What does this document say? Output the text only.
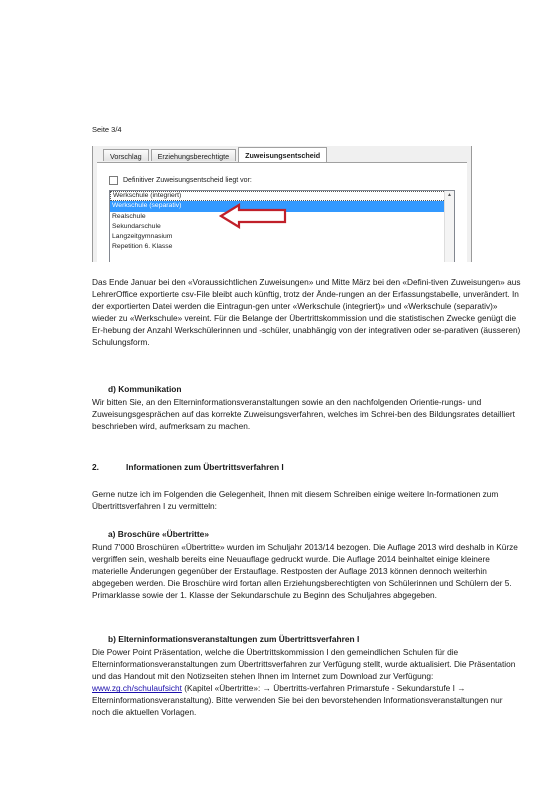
Seite 3/4
Vorschlag	Erziehungsberechtigte	Zuweisungsentscheid
Definitiver Zuweisungsentscheid liegt vor:
Werkschule (integriert)
Werkschule (separativ)
Realschule
Sekundarschule
Langzeitgymnasium
Repetition 6. Klasse
▲

Das Ende Januar bei den «Voraussichtlichen Zuweisungen» und Mitte März bei den «Defini-tiven Zuweisungen» aus LehrerOffice exportierte csv-File bleibt auch künftig, trotz der Ände-rungen an der Erfassungstabelle, unverändert. In der exportierten Datei werden die Eintragun-gen unter «Werkschule (integriert)» und «Werkschule (separativ)» wieder zu «Werkschule» vereint. Für die Belange der Übertrittskommission und die statistischen Zwecke genügt die Er-hebung der Anzahl Werkschülerinnen und -schüler, unabhängig von der integrativen oder se-parativen (äusseren) Schulungsform.

d) Kommunikation

Wir bitten Sie, an den Elterninformationsveranstaltungen sowie an den nachfolgenden Orientie-rungs- und Zuweisungsgesprächen auf das korrekte Zuweisungsverfahren, welches im Schrei-ben des Bildungsrates detailliert beschrieben wird, aufmerksam zu machen.

2.	Informationen zum Übertrittsverfahren I

Gerne nutze ich im Folgenden die Gelegenheit, Ihnen mit diesem Schreiben einige weitere In-formationen zum Übertrittsverfahren I zu vermitteln:

a) Broschüre «Übertritte»

Rund 7'000 Broschüren «Übertritte» wurden im Schuljahr 2013/14 bezogen. Die Auflage 2013 wird deshalb in Kürze vergriffen sein, weshalb bereits eine Neuauflage gedruckt wurde. Die Auflage 2014 beinhaltet einige kleinere materielle Änderungen gegenüber der Erstauflage. Restposten der Auflage 2013 können dennoch weiterhin abgegeben werden. Die Broschüre wird fortan allen Erziehungsberechtigten von Schülerinnen und Schülern der 5. Primarklasse sowie der 1. Klasse der Sekundarschule zu Beginn des Schuljahres abgegeben.

b) Elterninformationsveranstaltungen zum Übertrittsverfahren I

Die Power Point Präsentation, welche die Übertrittskommission I den gemeindlichen Schulen für die Elterninformationsveranstaltungen zum Übertrittsverfahren zur Verfügung stellt, wurde aktualisiert. Die Präsentation und das Handout mit den Notizseiten stehen Ihnen im Internet zum Download zur Verfügung: www.zg.ch/schulaufsicht (Kapitel «Übertritte»: → Übertritts-verfahren Primarstufe - Sekundarstufe I → Elterninformationsveranstaltung). Bitte verwenden Sie bei den bevorstehenden Informationsveranstaltungen nur noch die aktuellen Vorlagen.
